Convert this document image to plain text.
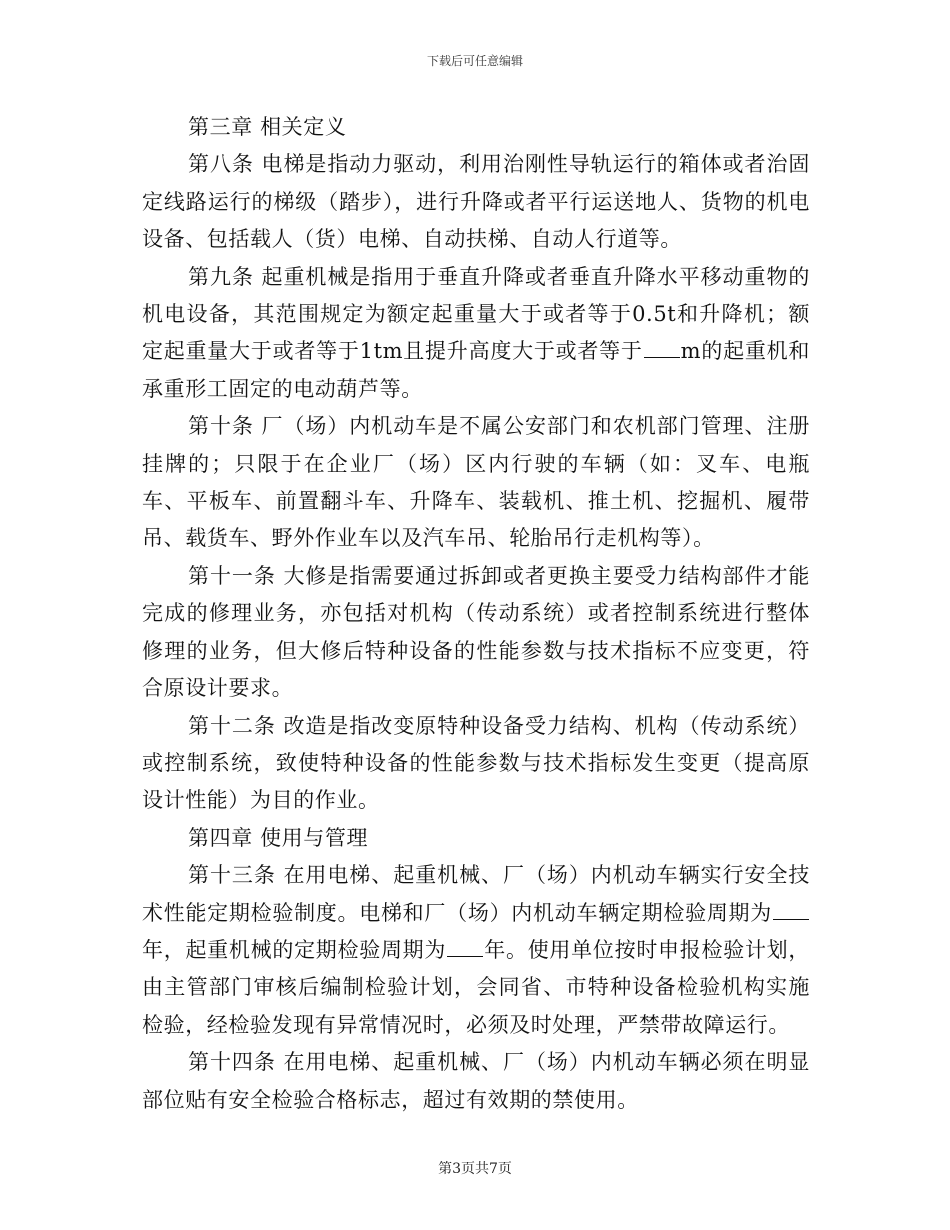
下载后可任意编辑

第三章 相关定义

第八条 电梯是指动力驱动，利用治刚性导轨运行的箱体或者治固定线路运行的梯级（踏步），进行升降或者平行运送地人、货物的机电设备、包括载人（货）电梯、自动扶梯、自动人行道等。

第九条 起重机械是指用于垂直升降或者垂直升降水平移动重物的机电设备，其范围规定为额定起重量大于或者等于0.5t和升降机；额定起重量大于或者等于1tm且提升高度大于或者等于 m的起重机和承重形工固定的电动葫芦等。

第十条 厂（场）内机动车是不属公安部门和农机部门管理、注册挂牌的；只限于在企业厂（场）区内行驶的车辆（如：叉车、电瓶车、平板车、前置翻斗车、升降车、装载机、推土机、挖掘机、履带吊、载货车、野外作业车以及汽车吊、轮胎吊行走机构等）。

第十一条 大修是指需要通过拆卸或者更换主要受力结构部件才能完成的修理业务，亦包括对机构（传动系统）或者控制系统进行整体修理的业务，但大修后特种设备的性能参数与技术指标不应变更，符合原设计要求。

第十二条 改造是指改变原特种设备受力结构、机构（传动系统）或控制系统，致使特种设备的性能参数与技术指标发生变更（提高原设计性能）为目的作业。

第四章 使用与管理

第十三条 在用电梯、起重机械、厂（场）内机动车辆实行安全技术性能定期检验制度。电梯和厂（场）内机动车辆定期检验周期为年，起重机械的定期检验周期为 年。使用单位按时申报检验计划，由主管部门审核后编制检验计划，会同省、市特种设备检验机构实施检验，经检验发现有异常情况时，必须及时处理，严禁带故障运行。

第十四条 在用电梯、起重机械、厂（场）内机动车辆必须在明显部位贴有安全检验合格标志，超过有效期的禁使用。

第3页共7页
